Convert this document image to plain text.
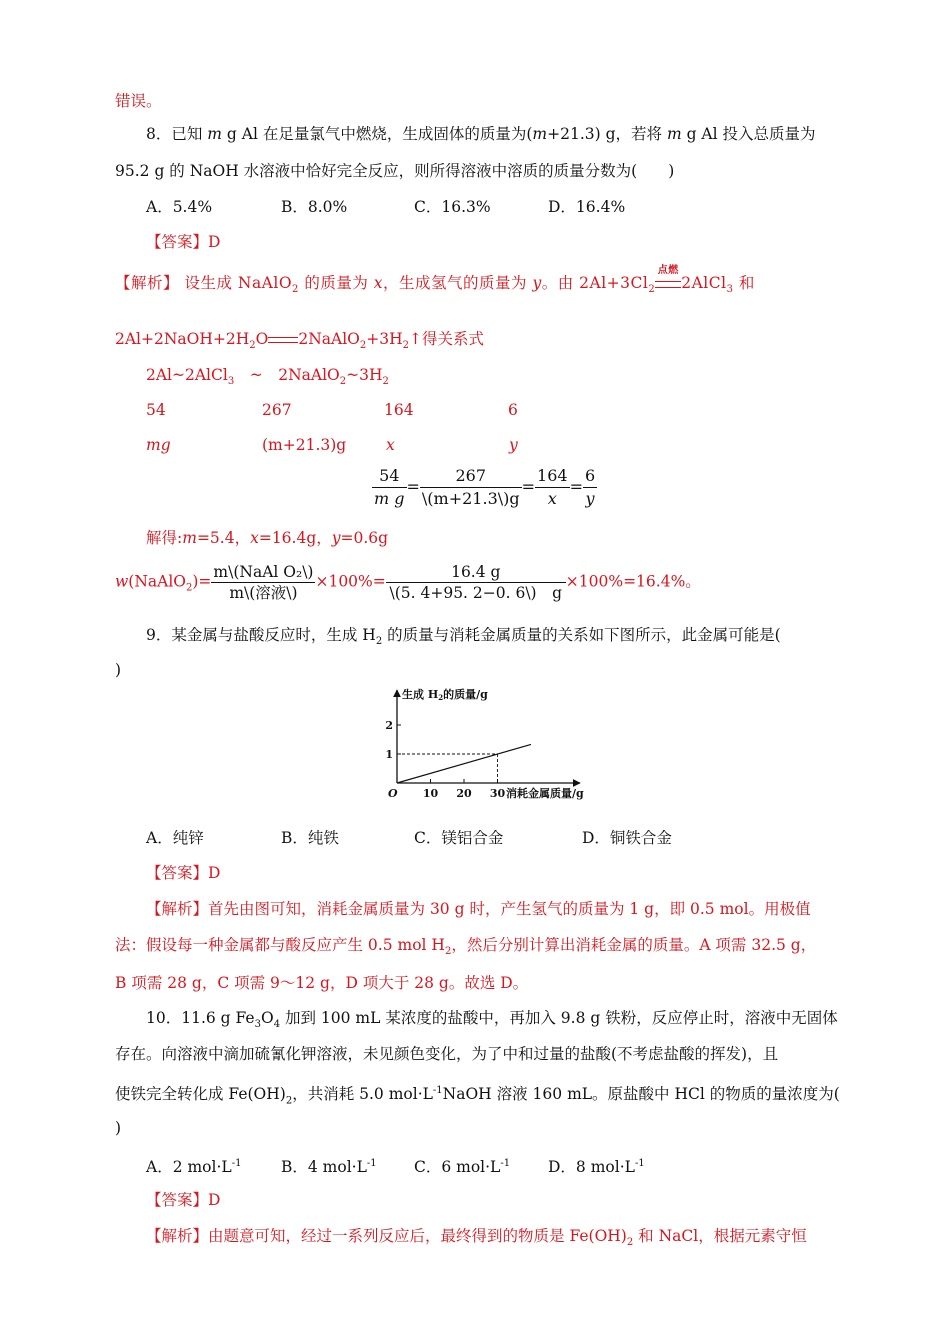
错误。
8．已知 m g Al 在足量氯气中燃烧，生成固体的质量为(m+21.3) g，若将 m g Al 投入总质量为
95.2 g 的 NaOH 水溶液中恰好完全反应，则所得溶液中溶质的质量分数为(　　)
A．5.4%	B．8.0%	C．16.3%	D．16.4%
【答案】D
【解析】 设生成 NaAlO$_2$ 的质量为 x，生成氢气的质量为 y。由 $2Al+3Cl_2$
点燃
2AlCl$_3$ 和
$2Al+2NaOH+2H_2O$ $2NaAlO_2+3H_2↑$得关系式
2Al~2AlCl$_3$　~　$2NaAlO_2\sim 3H_2$
54	267	164	6
mg	(m+21.3)g	x	y
$\frac{54}{\text{m g}} = \frac{267}{\backslash(m+21.3\backslash)g} = \frac{164}{x} = \frac{6}{y}$
解得:m=5.4，x=16.4g，y=0.6g
w(NaAlO$_2$)=
m\(NaAl O₂\)
m\(溶液\)
$\times 100\%= \frac{16.4 g}{\backslash(5. 4+95. 2-0. 6\backslash) g} \times 100\%=16.4\%$。
9．某金属与盐酸反应时，生成 $H_2$ 的质量与消耗金属质量的关系如下图所示，此金属可能是(
)
生成 H2的质量/g
10 20 30
1
2
O	消耗金属质量/g
A．纯锌	B．纯铁	C．镁铝合金	D．铜铁合金
【答案】D
【解析】首先由图可知，消耗金属质量为 30 g 时，产生氢气的质量为 1 g，即 0.5 mol。用极值
法：假设每一种金属都与酸反应产生 0.5 mol $H_2$，然后分别计算出消耗金属的质量。A 项需 32.5 g，
B 项需 28 g，C 项需 9～12 g，D 项大于 28 g。故选 D。
10．11.6 g $Fe_3O_4$ 加到 100 mL 某浓度的盐酸中，再加入 9.8 g 铁粉，反应停止时，溶液中无固体
存在。向溶液中滴加硫氰化钾溶液，未见颜色变化，为了中和过量的盐酸(不考虑盐酸的挥发)，且
使铁完全转化成 $Fe(OH)_2$，共消耗 5.0 $mol\cdot L^{-1}NaOH$ 溶液 160 mL。原盐酸中 HCl 的物质的量浓度为(
)
A．2 $mol\cdot L^{-1}$	B．4 $mol\cdot L^{-1}$ C．6 $mol\cdot L^{-1}$ D．8 $mol\cdot L^{-1}$
【答案】D
【解析】由题意可知，经过一系列反应后，最终得到的物质是 $Fe(OH)_2$ 和 NaCl，根据元素守恒
